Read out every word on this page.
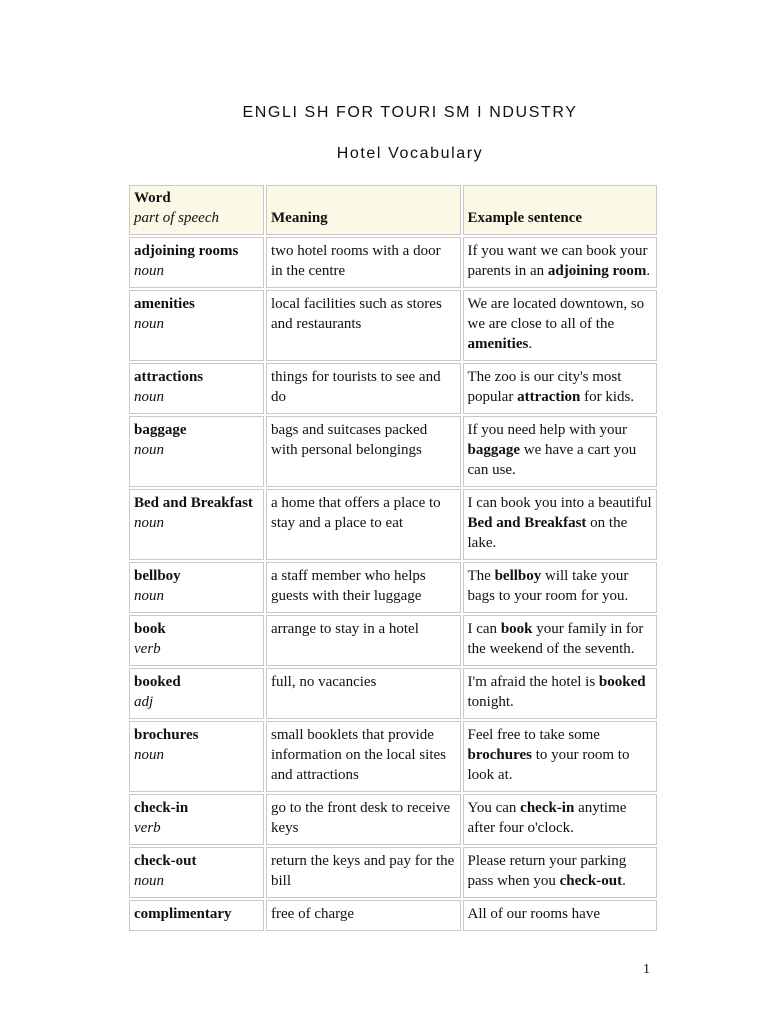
ENGLI SH FOR TOURI SM I NDUSTRY
Hotel Vocabulary
Word
part of speech	Meaning	Example sentence

adjoining rooms
noun	two hotel rooms with a door in the centre	If you want we can book your parents in an adjoining room.

amenities
noun	local facilities such as stores and restaurants	We are located downtown, so we are close to all of the amenities.

attractions
noun	things for tourists to see and do	The zoo is our city's most popular attraction for kids.

baggage
noun	bags and suitcases packed with personal belongings	If you need help with your baggage we have a cart you can use.

Bed and Breakfast
noun	a home that offers a place to stay and a place to eat	I can book you into a beautiful Bed and Breakfast on the lake.

bellboy
noun	a staff member who helps guests with their luggage	The bellboy will take your bags to your room for you.

book
verb	arrange to stay in a hotel	I can book your family in for the weekend of the seventh.

booked
adj	full, no vacancies	I'm afraid the hotel is booked tonight.

brochures
noun	small booklets that provide information on the local sites and attractions	Feel free to take some brochures to your room to look at.

check-in
verb	go to the front desk to receive keys	You can check-in anytime after four o'clock.

check-out
noun	return the keys and pay for the bill	Please return your parking pass when you check-out.

complimentary	free of charge	All of our rooms have
1
